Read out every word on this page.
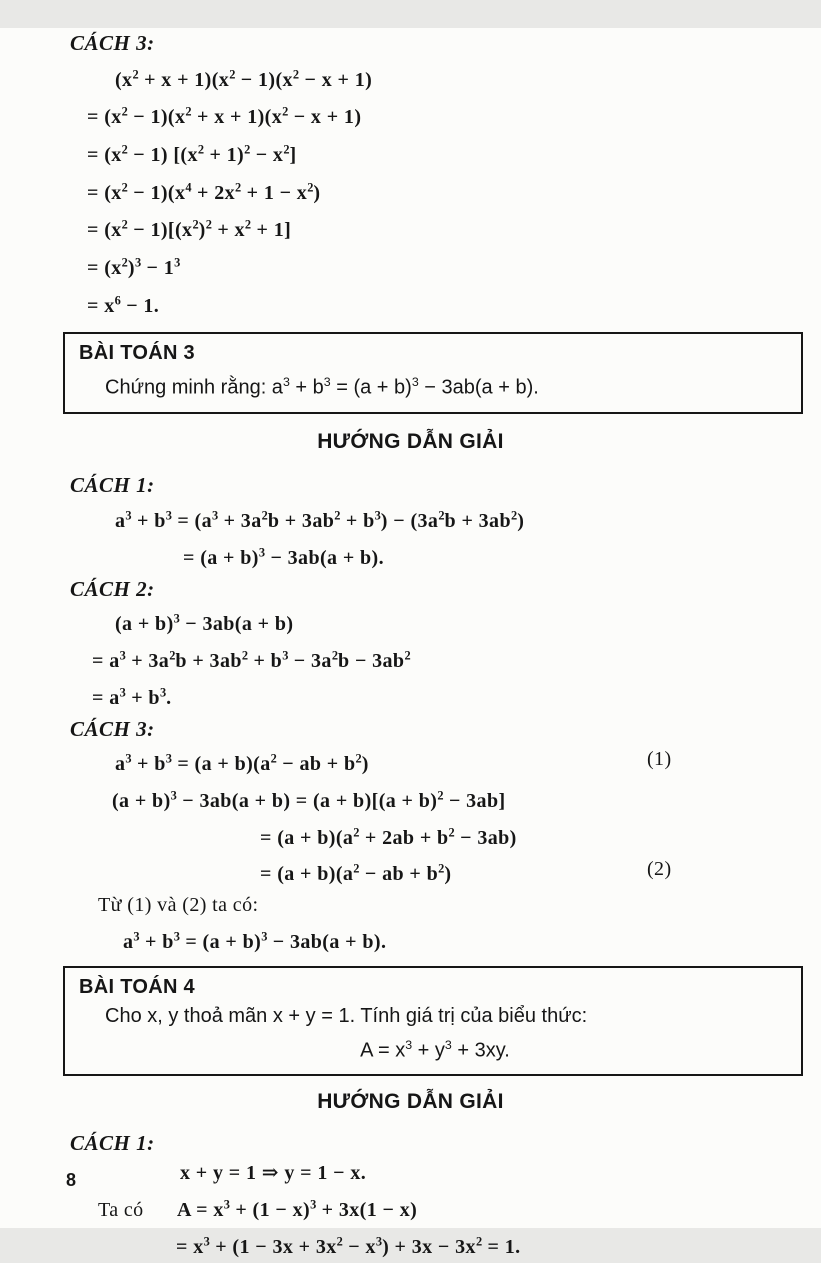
CÁCH 3:
$(x^2 + x + 1)(x^2 - 1)(x^2 - x + 1)$
= $(x^2 - 1)(x^2 + x + 1)(x^2 - x + 1)$
= $(x^2 - 1) [(x^2 + 1)^2 - x^2]$
= $(x^2 - 1)(x^4 + 2x^2 + 1 - x^2)$
= $(x^2 - 1)[(x^2)^2 + x^2 + 1]$
= $(x^2)^3 - 1^3$
= $x^6 - 1$.
BÀI TOÁN 3
Chứng minh rằng: $a^3 + b^3 = (a + b)^3 - 3ab(a + b)$.
HƯỚNG DẪN GIẢI
CÁCH 1:
$a^3 + b^3 = (a^3 + 3a^2b + 3ab^2 + b^3) - (3a^2b + 3ab^2)$
= $(a + b)^3 - 3ab(a + b)$.
CÁCH 2:
$(a + b)^3 - 3ab(a + b)$
= $a^3 + 3a^2b + 3ab^2 + b^3 - 3a^2b - 3ab^2$
= $a^3 + b^3$.
CÁCH 3:
$a^3 + b^3 = (a + b)(a^2$ − ab + $b^2$)	(1)
$(a + b)^3 - 3ab(a + b) = (a + b)[(a + b)^2 - 3ab]$
= $(a + b)(a^2 + 2ab + b^2 - 3ab)$
= $(a + b)(a^2$ − ab + $b^2$)	(2)
Từ (1) và (2) ta có:
$a^3 + b^3 = (a + b)^3 - 3ab(a + b)$.
BÀI TOÁN 4
Cho x, y thoả mãn x + y = 1. Tính giá trị của biểu thức:
$A = x^3 + y^3 + 3xy$.
HƯỚNG DẪN GIẢI
CÁCH 1:
x + y = 1 ⇒ y = 1 − x.
Ta có $A = x^3 + (1 - x)^3 + 3x(1 - x)$
= $x^3 + (1 - 3x + 3x^2 - x^3) + 3x - 3x^2 = 1$.
8
